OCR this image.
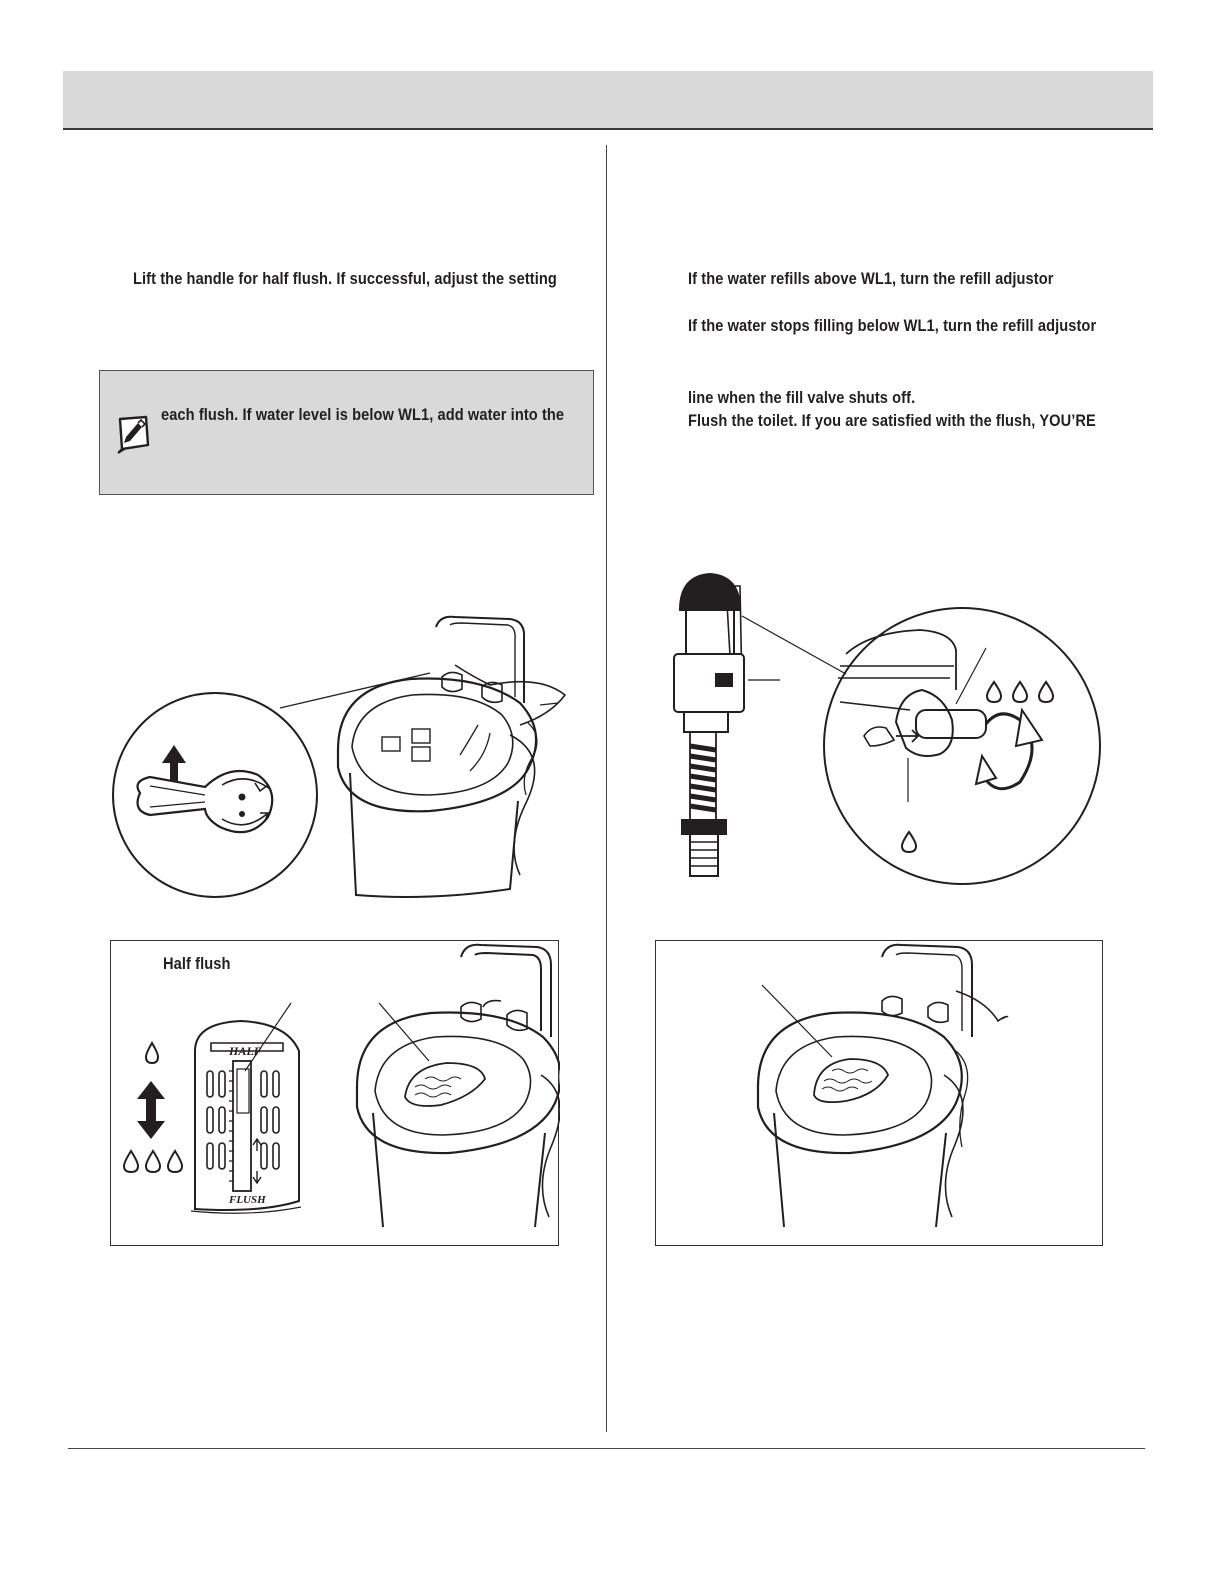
Lift the handle for half flush. If successful, adjust the setting
each flush. If water level is below WL1, add water into the
Half flush
HALF
FLUSH
If the water refills above WL1, turn the refill adjustor
If the water stops filling below WL1, turn the refill adjustor
line when the fill valve shuts off.
Flush the toilet. If you are satisfied with the flush, YOU’RE
